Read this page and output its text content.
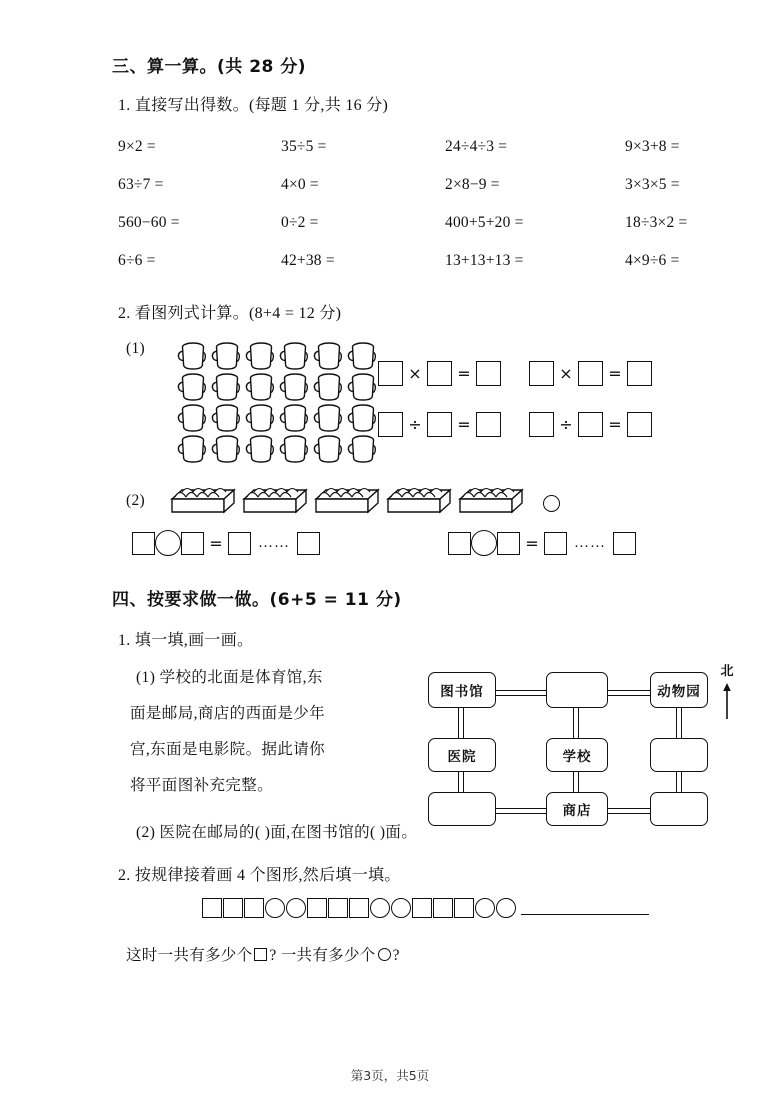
三、算一算。(共 28 分)
1. 直接写出得数。(每题 1 分,共 16 分)
9×2 =	35÷5 =	24÷4÷3 =	9×3+8 =
63÷7 =	4×0 =	2×8−9 =	3×3×5 =
560−60 =	0÷2 =	400+5+20 =	18÷3×2 =
6÷6 =	42+38 =	13+13+13 =	4×9÷6 =
2. 看图列式计算。(8+4 = 12 分)
(1)
×	=	×	=
÷	=	÷	=
(2)
=	……	=	……
四、按要求做一做。(6+5 = 11 分)
1. 填一填,画一画。
(1) 学校的北面是体育馆,东
面是邮局,商店的西面是少年
宫,东面是电影院。据此请你
将平面图补充完整。
北
图书馆	动物园
医院	学校
商店
(2) 医院在邮局的( )面,在图书馆的( )面。
2. 按规律接着画 4 个图形,然后填一填。
这时一共有多少个 ? 一共有多少个 ?
第3页，共5页
